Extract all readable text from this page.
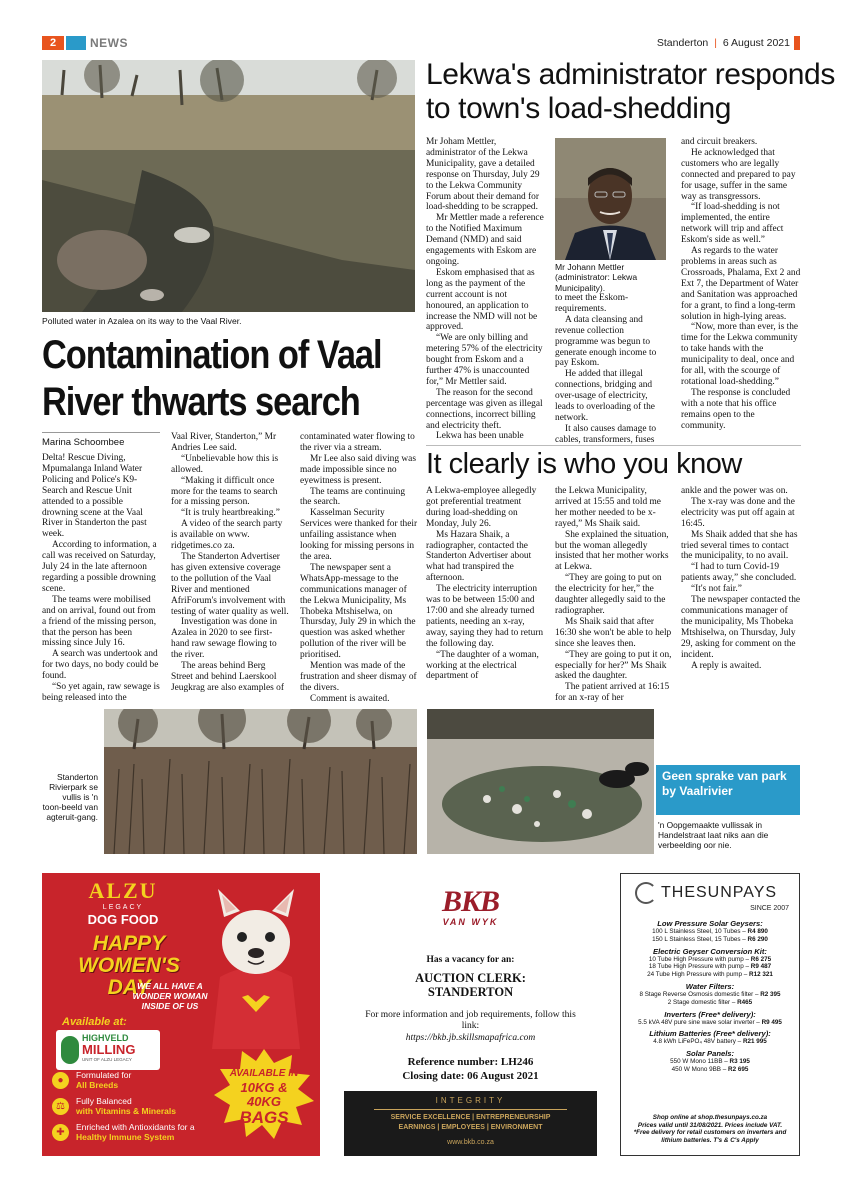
2	NEWS	Standerton | 6 August 2021
Polluted water in Azalea on its way to the Vaal River.
Contamination of Vaal
River thwarts search
Marina Schoombee

Delta! Rescue Diving, Mpumalanga Inland Water Policing and Police's K9-Search and Rescue Unit attended to a possible drowning scene at the Vaal River in Standerton the past week.

According to information, a call was received on Saturday, July 24 in the late afternoon regarding a possible drowning scene.

The teams were mobilised and on arrival, found out from a friend of the missing person, that the person has been missing since July 16.

A search was undertook and for two days, no body could be found.

“So yet again, raw sewage is being released into the

Vaal River, Standerton,” Mr Andries Lee said.

“Unbelievable how this is allowed.

“Making it difficult once more for the teams to search for a missing person.

“It is truly heartbreaking.”

A video of the search party is available on www. ridgetimes.co za.

The Standerton Advertiser has given extensive coverage to the pollution of the Vaal River and mentioned AfriForum's involvement with testing of water quality as well.

Investigation was done in Azalea in 2020 to see first-hand raw sewage flowing to the river.

The areas behind Berg Street and behind Laerskool Jeugkrag are also examples of

contaminated water flowing to the river via a stream.

Mr Lee also said diving was made impossible since no eyewitness is present.

The teams are continuing the search.

Kasselman Security Services were thanked for their unfailing assistance when looking for missing persons in the area.

The newspaper sent a WhatsApp-message to the communications manager of the Lekwa Municipality, Ms Thobeka Mtshiselwa, on Thursday, July 29 in which the question was asked whether pollution of the river will be prioritised.

Mention was made of the frustration and sheer dismay of the divers.

Comment is awaited.

Lekwa's administrator responds
to town's load-shedding

Mr Joham Mettler, administrator of the Lekwa Municipality, gave a detailed response on Thursday, July 29 to the Lekwa Community Forum about their demand for load-shedding to be scrapped.

Mr Mettler made a reference to the Notified Maximum Demand (NMD) and said engagements with Eskom are ongoing.

Eskom emphasised that as long as the payment of the current account is not honoured, an application to increase the NMD will not be approved.

“We are only billing and metering 57% of the electricity bought from Eskom and a further 47% is unaccounted for,” Mr Mettler said.

The reason for the second percentage was given as illegal connections, incorrect billing and electricity theft.

Lekwa has been unable

Mr Johann Mettler (administrator: Lekwa Municipality).

to meet the Eskom-requirements.

A data cleansing and revenue collection programme was begun to generate enough income to pay Eskom.

He added that illegal connections, bridging and over-usage of electricity, leads to overloading of the network.

It also causes damage to cables, transformers, fuses

and circuit breakers.

He acknowledged that customers who are legally connected and prepared to pay for usage, suffer in the same way as transgressors.

“If load-shedding is not implemented, the entire network will trip and affect Eskom's side as well.”

As regards to the water problems in areas such as Crossroads, Phalama, Ext 2 and Ext 7, the Department of Water and Sanitation was approached for a grant, to find a long-term solution in high-lying areas.

“Now, more than ever, is the time for the Lekwa community to take hands with the municipality to deal, once and for all, with the scourge of rotational load-shedding.”

The response is concluded with a note that his office remains open to the community.

It clearly is who you know

A Lekwa-employee allegedly got preferential treatment during load-shedding on Monday, July 26.

Ms Hazara Shaik, a radiographer, contacted the Standerton Advertiser about what had transpired the afternoon.

The electricity interruption was to be between 15:00 and 17:00 and she already turned patients, needing an x-ray, away, saying they had to return the following day.

“The daughter of a woman, working at the electrical department of

the Lekwa Municipality, arrived at 15:55 and told me her mother needed to be x-rayed,” Ms Shaik said.

She explained the situation, but the woman allegedly insisted that her mother works at Lekwa.

“They are going to put on the electricity for her,” the daughter allegedly said to the radiographer.

Ms Shaik said that after 16:30 she won't be able to help since she leaves then.

“They are going to put it on, especially for her?” Ms Shaik asked the daughter.

The patient arrived at 16:15 for an x-ray of her

ankle and the power was on.

The x-ray was done and the electricity was put off again at 16:45.

Ms Shaik added that she has tried several times to contact the municipality, to no avail.

“I had to turn Covid-19 patients away,” she concluded.

“It's not fair.”

The newspaper contacted the communications manager of the municipality, Ms Thobeka Mtshiselwa, on Thursday, July 29, asking for comment on the incident.

A reply is awaited.

Standerton Rivierpark se vullis is 'n toon-beeld van agteruit-gang.
Geen sprake van park by Vaalrivier
'n Oopgemaakte vullissak in Handelstraat laat niks aan die verbeelding oor nie.
ALZU
LEGACY
DOG FOOD
HAPPY
WOMEN'S DAY
WE ALL HAVE A
WONDER WOMAN
INSIDE OF US
Available at:
HIGHVELD
MILLING
UNIT OF ALZU LEGACY
●	Formulated for
All Breeds
⚖	Fully Balanced
with Vitamins & Minerals
✚	Enriched with Antioxidants for a
Healthy Immune System
AVAILABLE IN
10KG & 40KG
BAGS
BKB
VAN WYK
Has a vacancy for an:
AUCTION CLERK:
STANDERTON
For more information and job requirements, follow this link:
https://bkb.jb.skillsmapafrica.com
Reference number: LH246
Closing date: 06 August 2021
INTEGRITY
SERVICE EXCELLENCE | ENTREPRENEURSHIP
EARNINGS | EMPLOYEES | ENVIRONMENT
www.bkb.co.za
THESUNPAYS
SINCE 2007
Low Pressure Solar Geysers:
100 L Stainless Steel, 10 Tubes – R4 890
150 L Stainless Steel, 15 Tubes – R6 290
Electric Geyser Conversion Kit:
10 Tube High Pressure with pump – R6 275
18 Tube High Pressure with pump – R9 487
24 Tube High Pressure with pump – R12 321
Water Filters:
8 Stage Reverse Osmosis domestic filter – R2 395
2 Stage domestic filter – R465
Inverters (Free* delivery):
5.5 kVA 48V pure sine wave solar inverter – R9 495
Lithium Batteries (Free* delivery):
4.8 kWh LiFePO₄ 48V battery – R21 995
Solar Panels:
550 W Mono 11BB – R3 195
450 W Mono 9BB – R2 695
Shop online at shop.thesunpays.co.za
Prices valid until 31/08/2021. Prices include VAT.
*Free delivery for retail customers on inverters and
lithium batteries. T's & C's Apply
